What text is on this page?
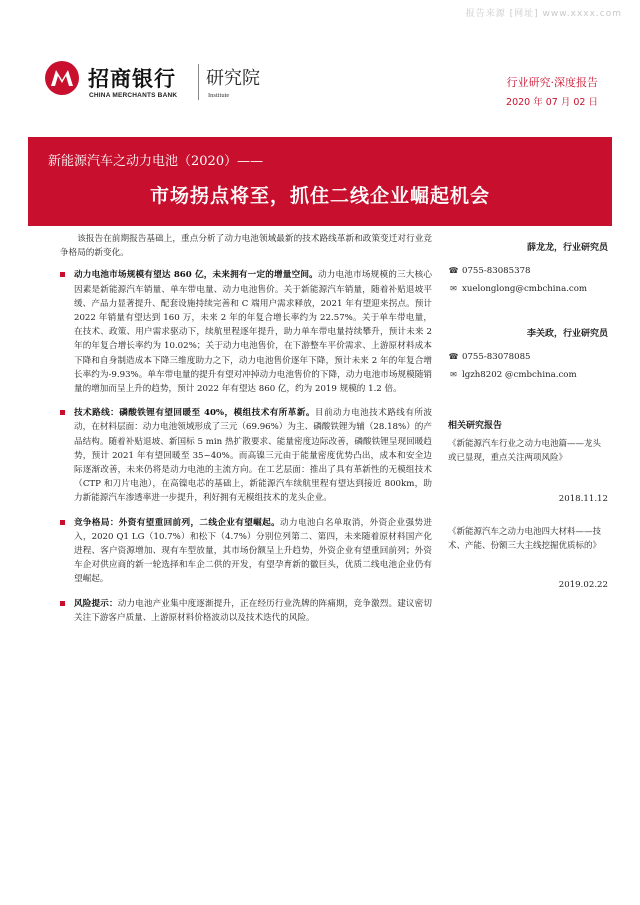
报告来源 [网址] www.xxxx.com
招商银行
CHINA MERCHANTS BANK
研究院
Institute
行业研究·深度报告
2020 年 07 月 02 日
新能源汽车之动力电池（2020）——
市场拐点将至，抓住二线企业崛起机会

该报告在前期报告基础上，重点分析了动力电池领域最新的技术路线革新和政策变迁对行业竞争格局的新变化。

动力电池市场规模有望达 860 亿，未来拥有一定的增量空间。动力电池市场规模的三大核心因素是新能源汽车销量、单车带电量、动力电池售价。关于新能源汽车销量，随着补贴退坡平缓、产品力显著提升、配套设施持续完善和 C 端用户需求释放，2021 年有望迎来拐点。预计 2022 年销量有望达到 160 万，未来 2 年的年复合增长率约为 22.57%。关于单车带电量，在技术、政策、用户需求驱动下，续航里程逐年提升，助力单车带电量持续攀升，预计未来 2 年的年复合增长率约为 10.02%；关于动力电池售价，在下游整车平价需求、上游原材料成本下降和自身制造成本下降三维度助力之下，动力电池售价逐年下降，预计未来 2 年的年复合增长率约为-9.93%。单车带电量的提升有望对冲掉动力电池售价的下降，动力电池市场规模随销量的增加而呈上升的趋势，预计 2022 年有望达 860 亿，约为 2019 规模的 1.2 倍。
技术路线：磷酸铁锂有望回暖至 40%，模组技术有所革新。目前动力电池技术路线有所波动，在材料层面：动力电池领域形成了三元（69.96%）为主、磷酸铁锂为辅（28.18%）的产品结构。随着补贴退坡、新国标 5 min 热扩散要求、能量密度边际改善，磷酸铁锂呈现回暖趋势，预计 2021 年有望回暖至 35~40%。而高镍三元由于能量密度优势凸出，成本和安全边际逐渐改善，未来仍将是动力电池的主流方向。在工艺层面：推出了具有革新性的无模组技术（CTP 和刀片电池），在高镍电芯的基础上，新能源汽车续航里程有望达到接近 800km，助力新能源汽车渗透率进一步提升，利好拥有无模组技术的龙头企业。
竞争格局：外资有望重回前列，二线企业有望崛起。动力电池白名单取消，外资企业强势进入，2020 Q1 LG（10.7%）和松下（4.7%）分别位列第二、第四，未来随着原材料国产化进程、客户资源增加、现有车型放量，其市场份额呈上升趋势，外资企业有望重回前列；外资车企对供应商的新一轮选择和车企二供的开发，有望孕育新的徽巨头，优质二线电池企业仍有望崛起。
风险提示：动力电池产业集中度逐渐提升，正在经历行业洗牌的阵痛期，竞争激烈。建议密切关注下游客户质量、上游原材料价格波动以及技术迭代的风险。
薛龙龙，行业研究员
☎ 0755-83085378
✉ xuelonglong@cmbchina.com
李关政，行业研究员
☎ 0755-83078085
✉ lgzh8202 @cmbchina.com
相关研究报告
《新能源汽车行业之动力电池篇——龙头或已显现，重点关注两项风险》
2018.11.12
《新能源汽车之动力电池四大材料——技术、产能、份额三大主线挖掘优质标的》
2019.02.22
